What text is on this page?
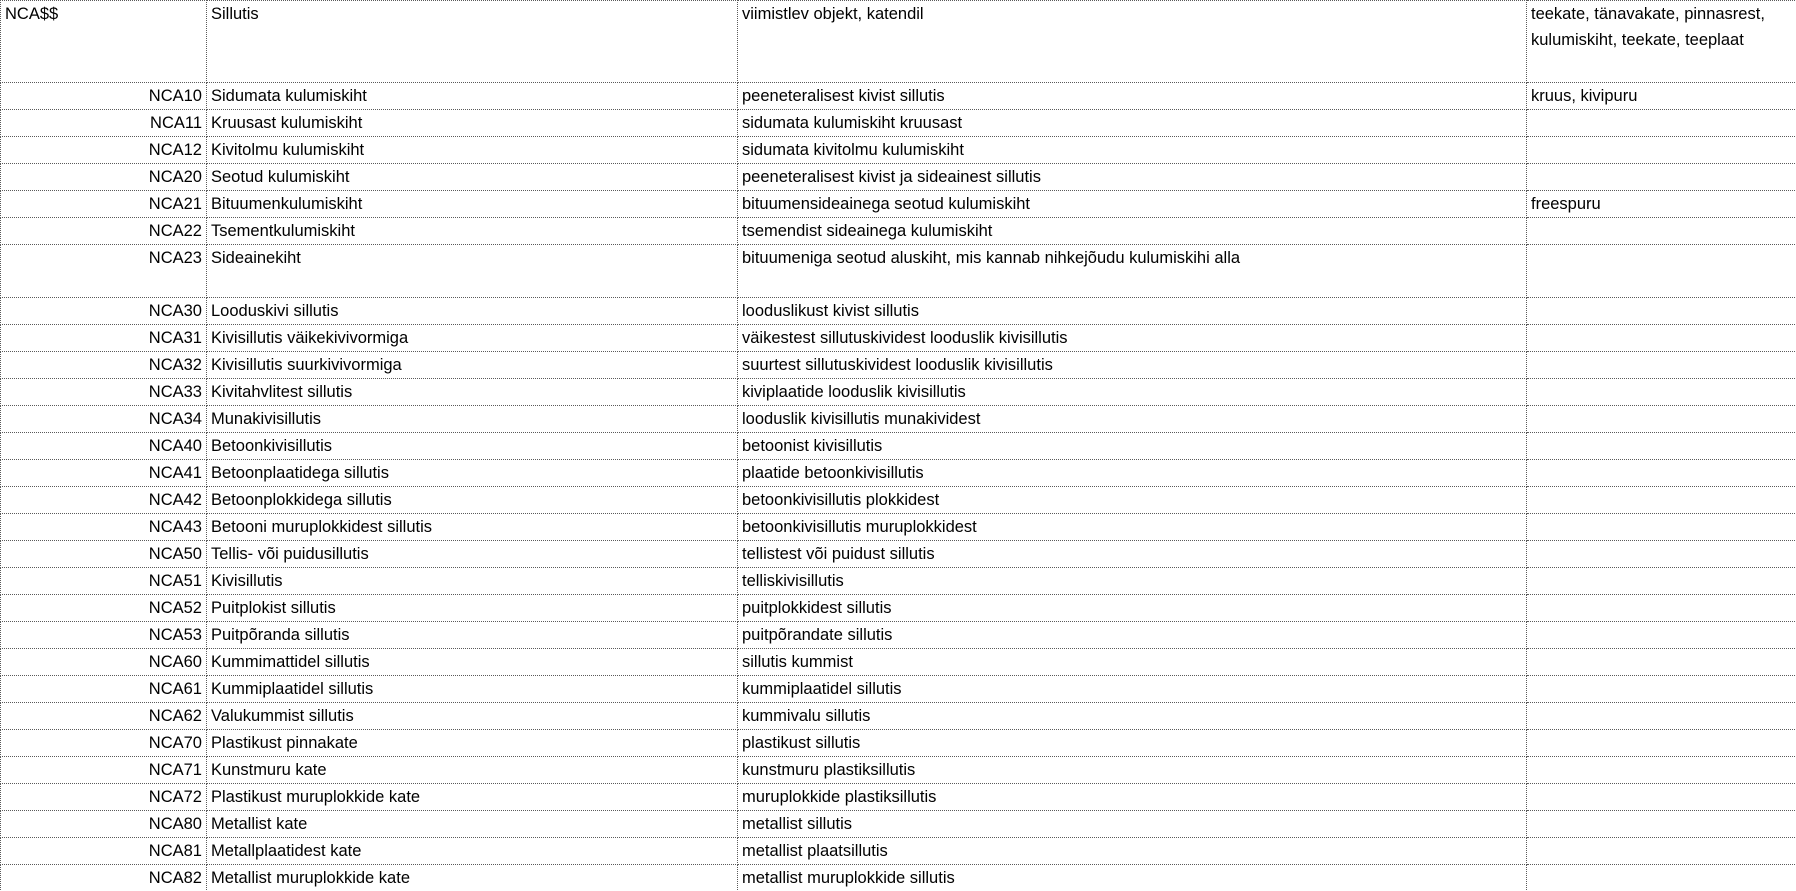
NCA$$	Sillutis	viimistlev objekt, katendil	teekate, tänavakate, pinnasrest, kulumiskiht, teekate, teeplaat
NCA10	Sidumata kulumiskiht	peeneteralisest kivist sillutis	kruus, kivipuru
NCA11	Kruusast kulumiskiht	sidumata kulumiskiht kruusast	
NCA12	Kivitolmu kulumiskiht	sidumata kivitolmu kulumiskiht	
NCA20	Seotud kulumiskiht	peeneteralisest kivist ja sideainest sillutis	
NCA21	Bituumenkulumiskiht	bituumensideainega seotud kulumiskiht	freespuru
NCA22	Tsementkulumiskiht	tsemendist sideainega kulumiskiht	
NCA23	Sideainekiht	bituumeniga seotud aluskiht, mis kannab nihkejõudu kulumiskihi alla	
NCA30	Looduskivi sillutis	looduslikust kivist sillutis	
NCA31	Kivisillutis väikekivivormiga	väikestest sillutuskividest looduslik kivisillutis	
NCA32	Kivisillutis suurkivivormiga	suurtest sillutuskividest looduslik kivisillutis	
NCA33	Kivitahvlitest sillutis	kiviplaatide looduslik kivisillutis	
NCA34	Munakivisillutis	looduslik kivisillutis munakividest	
NCA40	Betoonkivisillutis	betoonist kivisillutis	
NCA41	Betoonplaatidega sillutis	plaatide betoonkivisillutis	
NCA42	Betoonplokkidega sillutis	betoonkivisillutis plokkidest	
NCA43	Betooni muruplokkidest sillutis	betoonkivisillutis muruplokkidest	
NCA50	Tellis- või puidusillutis	tellistest või puidust sillutis	
NCA51	Kivisillutis	telliskivisillutis	
NCA52	Puitplokist sillutis	puitplokkidest sillutis	
NCA53	Puitpõranda sillutis	puitpõrandate sillutis	
NCA60	Kummimattidel sillutis	sillutis kummist	
NCA61	Kummiplaatidel sillutis	kummiplaatidel sillutis	
NCA62	Valukummist sillutis	kummivalu sillutis	
NCA70	Plastikust pinnakate	plastikust sillutis	
NCA71	Kunstmuru kate	kunstmuru plastiksillutis	
NCA72	Plastikust muruplokkide kate	muruplokkide plastiksillutis	
NCA80	Metallist kate	metallist sillutis	
NCA81	Metallplaatidest kate	metallist plaatsillutis	
NCA82	Metallist muruplokkide kate	metallist muruplokkide sillutis	
